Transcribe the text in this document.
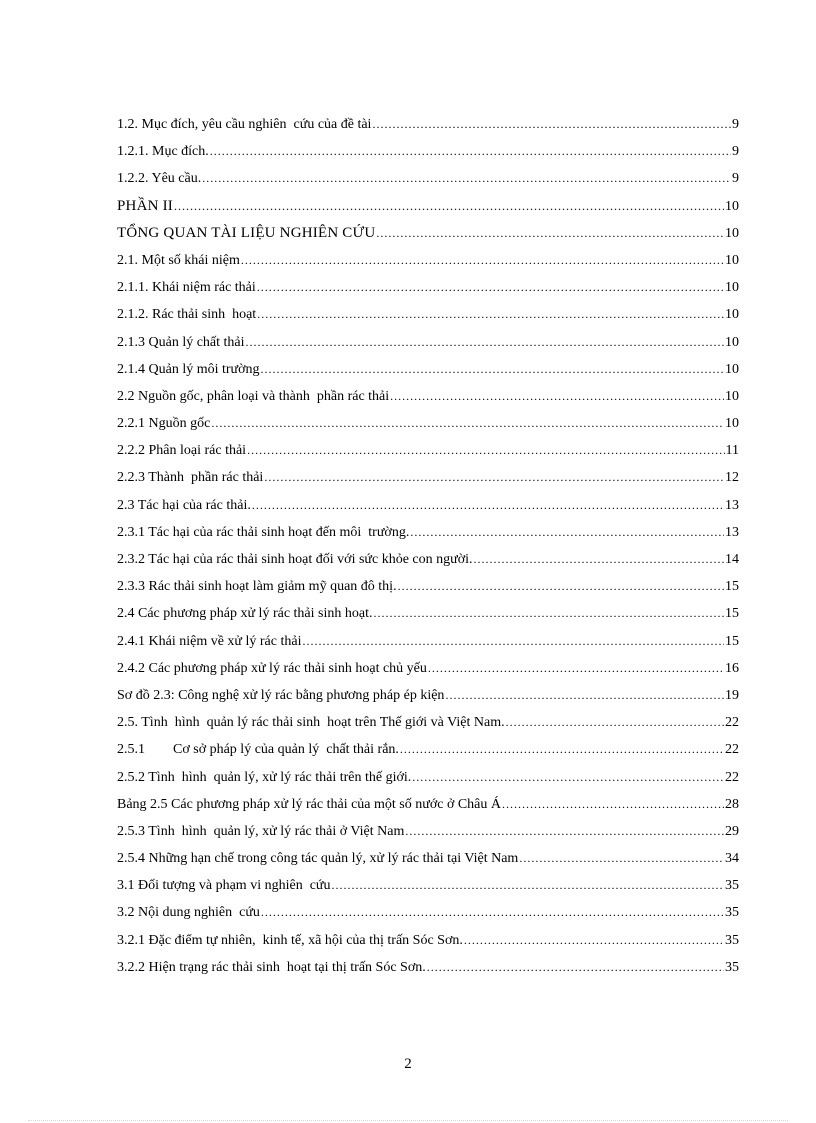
1.2. Mục đích, yêu cầu nghiên  cứu của đề tài .....	9
1.2.1. Mục đích. .....	9
1.2.2. Yêu cầu. .....	9
PHẦN II .....	10
TỔNG QUAN TÀI LIỆU NGHIÊN CỨU .....	10
2.1. Một số khái niệm .....	10
2.1.1. Khái niệm rác thải .....	10
2.1.2. Rác thải sinh  hoạt .....	10
2.1.3 Quản lý chất thải .....	10
2.1.4 Quản lý môi trường .....	10
2.2 Nguồn gốc, phân loại và thành  phần rác thải .....	10
2.2.1 Nguồn gốc .....	10
2.2.2 Phân loại rác thải .....	11
2.2.3 Thành  phần rác thải .....	12
2.3 Tác hại của rác thải. .....	13
2.3.1 Tác hại của rác thải sinh hoạt đến môi  trường. .....	13
2.3.2 Tác hại của rác thải sinh hoạt đối với sức khỏe con người. .....	14
2.3.3 Rác thải sinh hoạt làm giảm mỹ quan đô thị. .....	15
2.4 Các phương pháp xử lý rác thải sinh hoạt. .....	15
2.4.1 Khái niệm về xử lý rác thải .....	15
2.4.2 Các phương pháp xử lý rác thải sinh hoạt chủ yếu .....	16
Sơ đồ 2.3: Công nghệ xử lý rác bằng phương pháp ép kiện .....	19
2.5. Tình  hình  quản lý rác thải sinh  hoạt trên Thế giới và Việt Nam. .....	22
2.5.1        Cơ sở pháp lý của quản lý  chất thải rắn. .....	22
2.5.2 Tình  hình  quản lý, xử lý rác thải trên thế giới. .....	22
Bảng 2.5 Các phương pháp xử lý rác thải của một số nước ở Châu Á .....	28
2.5.3 Tình  hình  quản lý, xử lý rác thải ở Việt Nam .....	29
2.5.4 Những hạn chế trong công tác quản lý, xử lý rác thải tại Việt Nam .....	34
3.1 Đối tượng và phạm vi nghiên  cứu .....	35
3.2 Nội dung nghiên  cứu .....	35
3.2.1 Đặc điểm tự nhiên,  kinh tế, xã hội của thị trấn Sóc Sơn. .....	35
3.2.2 Hiện trạng rác thải sinh  hoạt tại thị trấn Sóc Sơn. .....	35
2
